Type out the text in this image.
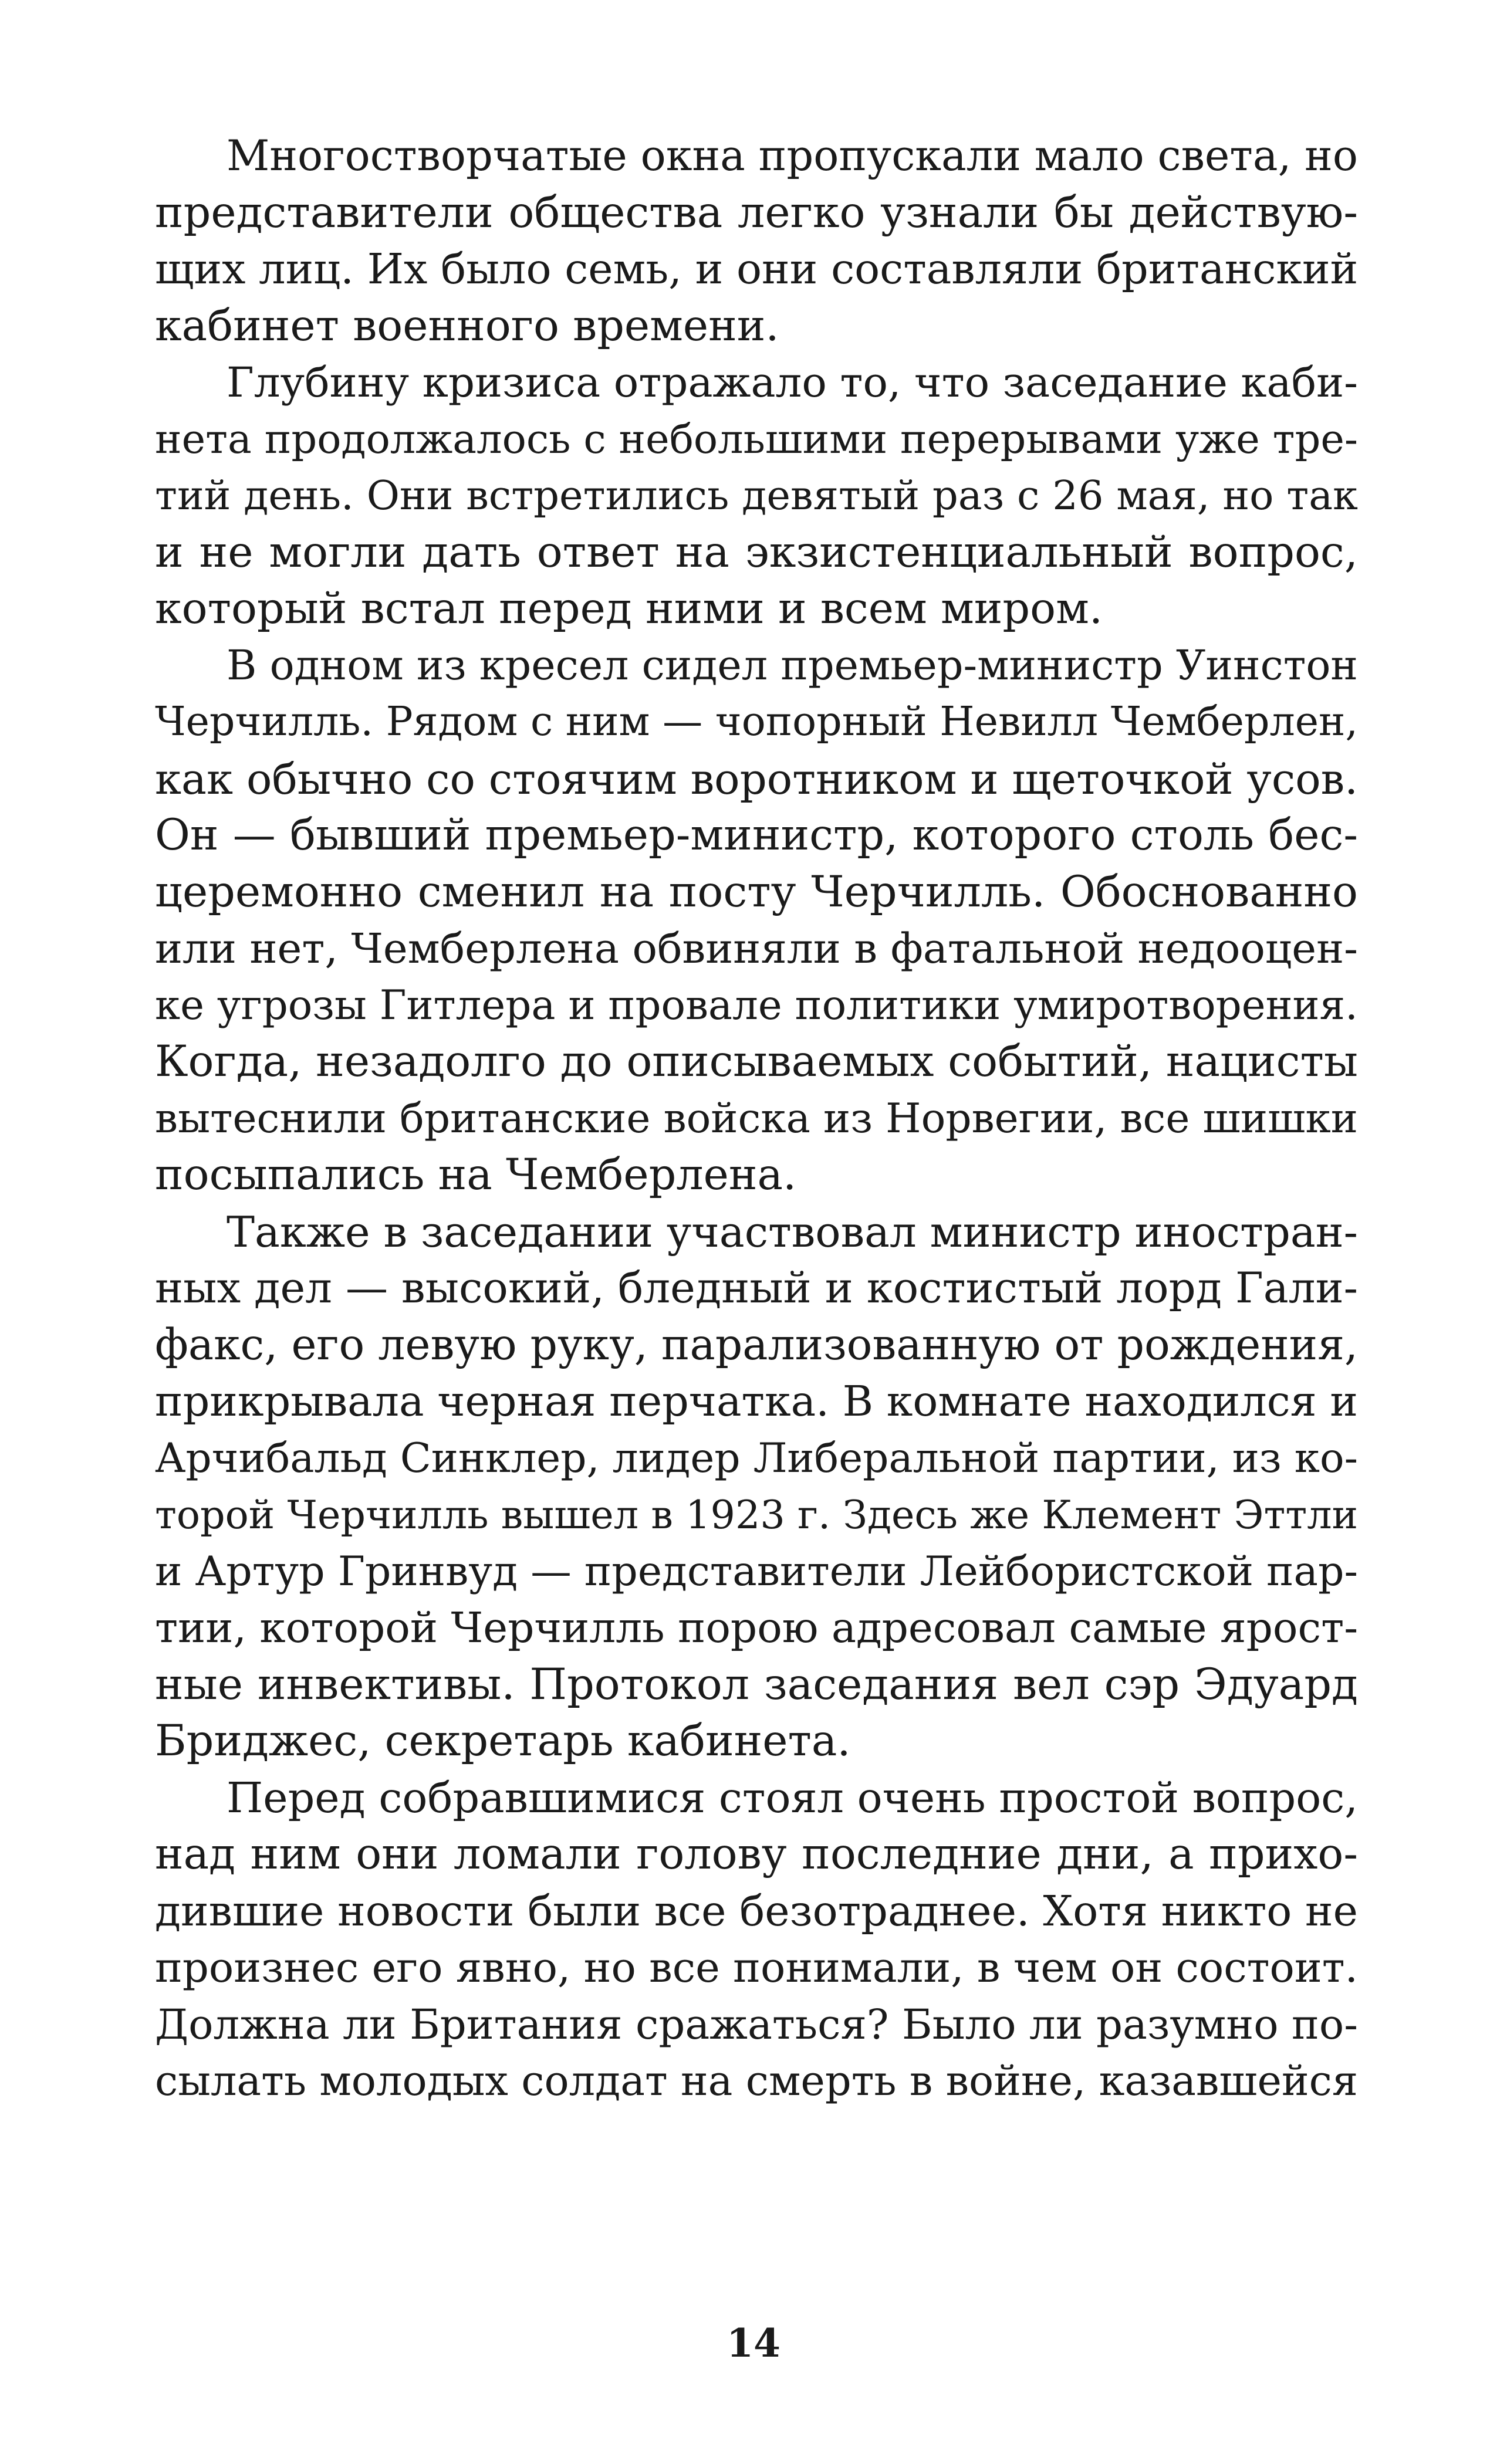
Многостворчатые окна пропускали мало света, но
представители общества легко узнали бы действую-
щих лиц. Их было семь, и они составляли британский
кабинет военного времени.
Глубину кризиса отражало то, что заседание каби-
нета продолжалось с небольшими перерывами уже тре-
тий день. Они встретились девятый раз с 26 мая, но так
и не могли дать ответ на экзистенциальный вопрос,
который встал перед ними и всем миром.
В одном из кресел сидел премьер-министр Уинстон
Черчилль. Рядом с ним — чопорный Невилл Чемберлен,
как обычно со стоячим воротником и щеточкой усов.
Он — бывший премьер-министр, которого столь бес-
церемонно сменил на посту Черчилль. Обоснованно
или нет, Чемберлена обвиняли в фатальной недооцен-
ке угрозы Гитлера и провале политики умиротворения.
Когда, незадолго до описываемых событий, нацисты
вытеснили британские войска из Норвегии, все шишки
посыпались на Чемберлена.
Также в заседании участвовал министр иностран-
ных дел — высокий, бледный и костистый лорд Гали-
факс, его левую руку, парализованную от рождения,
прикрывала черная перчатка. В комнате находился и
Арчибальд Синклер, лидер Либеральной партии, из ко-
торой Черчилль вышел в 1923 г. Здесь же Клемент Эттли
и Артур Гринвуд — представители Лейбористской пар-
тии, которой Черчилль порою адресовал самые ярост-
ные инвективы. Протокол заседания вел сэр Эдуард
Бриджес, секретарь кабинета.
Перед собравшимися стоял очень простой вопрос,
над ним они ломали голову последние дни, а прихо-
дившие новости были все безотраднее. Хотя никто не
произнес его явно, но все понимали, в чем он состоит.
Должна ли Британия сражаться? Было ли разумно по-
сылать молодых солдат на смерть в войне, казавшейся
14
